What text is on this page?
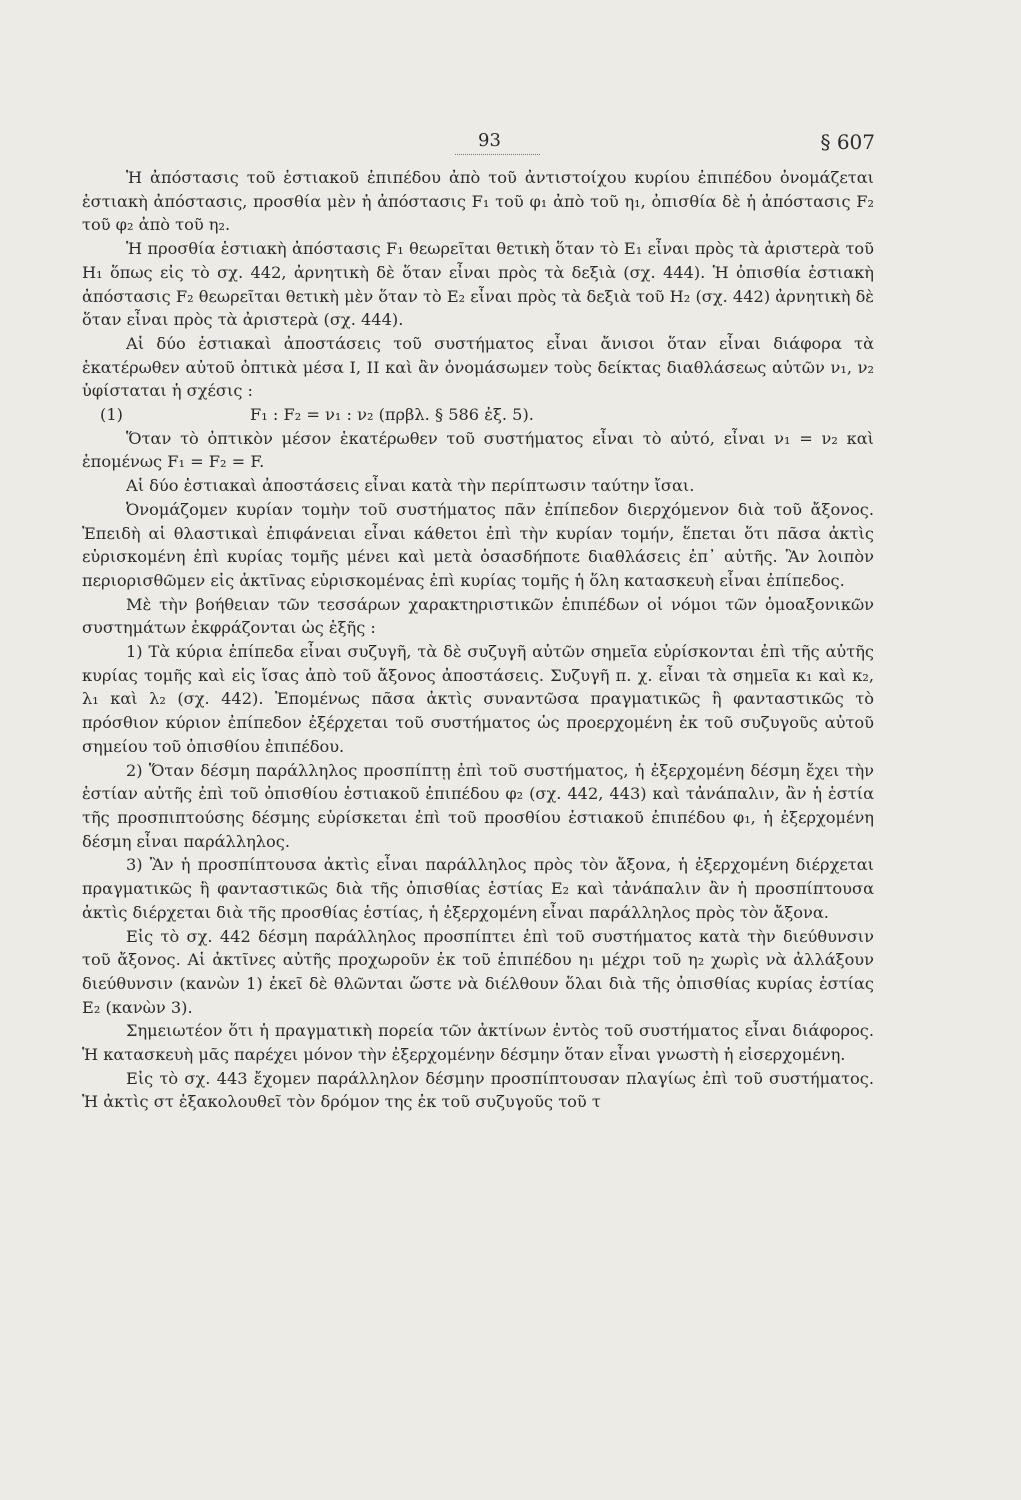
93	§ 607

Ἡ ἀπόστασις τοῦ ἑστιακοῦ ἐπιπέδου ἀπὸ τοῦ ἀντιστοίχου κυρίου ἐπιπέδου ὀνομάζεται ἑστιακὴ ἀπόστασις, προσθία μὲν ἡ ἀπόστασις F₁ τοῦ φ₁ ἀπὸ τοῦ η₁, ὀπισθία δὲ ἡ ἀπόστασις F₂ τοῦ φ₂ ἀπὸ τοῦ η₂.

Ἡ προσθία ἑστιακὴ ἀπόστασις F₁ θεωρεῖται θετικὴ ὅταν τὸ E₁ εἶναι πρὸς τὰ ἀριστερὰ τοῦ H₁ ὅπως εἰς τὸ σχ. 442, ἀρνητικὴ δὲ ὅταν εἶναι πρὸς τὰ δεξιὰ (σχ. 444). Ἡ ὀπισθία ἑστιακὴ ἀπόστασις F₂ θεωρεῖται θετικὴ μὲν ὅταν τὸ E₂ εἶναι πρὸς τὰ δεξιὰ τοῦ H₂ (σχ. 442) ἀρνητικὴ δὲ ὅταν εἶναι πρὸς τὰ ἀριστερὰ (σχ. 444).

Αἱ δύο ἑστιακαὶ ἀποστάσεις τοῦ συστήματος εἶναι ἄνισοι ὅταν εἶναι διάφορα τὰ ἑκατέρωθεν αὐτοῦ ὀπτικὰ μέσα I, II καὶ ἂν ὀνομάσωμεν τοὺς δείκτας διαθλάσεως αὐτῶν ν₁, ν₂ ὑφίσταται ἡ σχέσις :

(1)	F₁ : F₂ = ν₁ : ν₂ (πρβλ. § 586 ἐξ. 5).

Ὅταν τὸ ὀπτικὸν μέσον ἑκατέρωθεν τοῦ συστήματος εἶναι τὸ αὐτό, εἶναι ν₁ = ν₂ καὶ ἑπομένως F₁ = F₂ = F.

Αἱ δύο ἑστιακαὶ ἀποστάσεις εἶναι κατὰ τὴν περίπτωσιν ταύτην ἴσαι.

Ὀνομάζομεν κυρίαν τομὴν τοῦ συστήματος πᾶν ἐπίπεδον διερχόμενον διὰ τοῦ ἄξονος. Ἐπειδὴ αἱ θλαστικαὶ ἐπιφάνειαι εἶναι κάθετοι ἐπὶ τὴν κυρίαν τομήν, ἕπεται ὅτι πᾶσα ἀκτὶς εὑρισκομένη ἐπὶ κυρίας τομῆς μένει καὶ μετὰ ὁσασδήποτε διαθλάσεις ἐπ᾽ αὐτῆς. Ἂν λοιπὸν περιορισθῶμεν εἰς ἀκτῖνας εὑρισκομένας ἐπὶ κυρίας τομῆς ἡ ὅλη κατασκευὴ εἶναι ἐπίπεδος.

Μὲ τὴν βοήθειαν τῶν τεσσάρων χαρακτηριστικῶν ἐπιπέδων οἱ νόμοι τῶν ὁμοαξονικῶν συστημάτων ἐκφράζονται ὡς ἑξῆς :

1) Τὰ κύρια ἐπίπεδα εἶναι συζυγῆ, τὰ δὲ συζυγῆ αὐτῶν σημεῖα εὑρίσκονται ἐπὶ τῆς αὐτῆς κυρίας τομῆς καὶ εἰς ἴσας ἀπὸ τοῦ ἄξονος ἀποστάσεις. Συζυγῆ π. χ. εἶναι τὰ σημεῖα κ₁ καὶ κ₂, λ₁ καὶ λ₂ (σχ. 442). Ἑπομένως πᾶσα ἀκτὶς συναντῶσα πραγματικῶς ἢ φανταστικῶς τὸ πρόσθιον κύριον ἐπίπεδον ἐξέρχεται τοῦ συστήματος ὡς προερχομένη ἐκ τοῦ συζυγοῦς αὐτοῦ σημείου τοῦ ὀπισθίου ἐπιπέδου.

2) Ὅταν δέσμη παράλληλος προσπίπτῃ ἐπὶ τοῦ συστήματος, ἡ ἐξερχομένη δέσμη ἔχει τὴν ἑστίαν αὐτῆς ἐπὶ τοῦ ὀπισθίου ἑστιακοῦ ἐπιπέδου φ₂ (σχ. 442, 443) καὶ τἀνάπαλιν, ἂν ἡ ἑστία τῆς προσπιπτούσης δέσμης εὑρίσκεται ἐπὶ τοῦ προσθίου ἑστιακοῦ ἐπιπέδου φ₁, ἡ ἐξερχομένη δέσμη εἶναι παράλληλος.

3) Ἂν ἡ προσπίπτουσα ἀκτὶς εἶναι παράλληλος πρὸς τὸν ἄξονα, ἡ ἐξερχομένη διέρχεται πραγματικῶς ἢ φανταστικῶς διὰ τῆς ὀπισθίας ἑστίας E₂ καὶ τἀνάπαλιν ἂν ἡ προσπίπτουσα ἀκτὶς διέρχεται διὰ τῆς προσθίας ἑστίας, ἡ ἐξερχομένη εἶναι παράλληλος πρὸς τὸν ἄξονα.

Εἰς τὸ σχ. 442 δέσμη παράλληλος προσπίπτει ἐπὶ τοῦ συστήματος κατὰ τὴν διεύθυνσιν τοῦ ἄξονος. Αἱ ἀκτῖνες αὐτῆς προχωροῦν ἐκ τοῦ ἐπιπέδου η₁ μέχρι τοῦ η₂ χωρὶς νὰ ἀλλάξουν διεύθυνσιν (κανὼν 1) ἐκεῖ δὲ θλῶνται ὥστε νὰ διέλθουν ὅλαι διὰ τῆς ὀπισθίας κυρίας ἑστίας E₂ (κανὼν 3).

Σημειωτέον ὅτι ἡ πραγματικὴ πορεία τῶν ἀκτίνων ἐντὸς τοῦ συστήματος εἶναι διάφορος. Ἡ κατασκευὴ μᾶς παρέχει μόνον τὴν ἐξερχομένην δέσμην ὅταν εἶναι γνωστὴ ἡ εἰσερχομένη.

Εἰς τὸ σχ. 443 ἔχομεν παράλληλον δέσμην προσπίπτουσαν πλαγίως ἐπὶ τοῦ συστήματος. Ἡ ἀκτὶς στ ἐξακολουθεῖ τὸν δρόμον της ἐκ τοῦ συζυγοῦς τοῦ τ
